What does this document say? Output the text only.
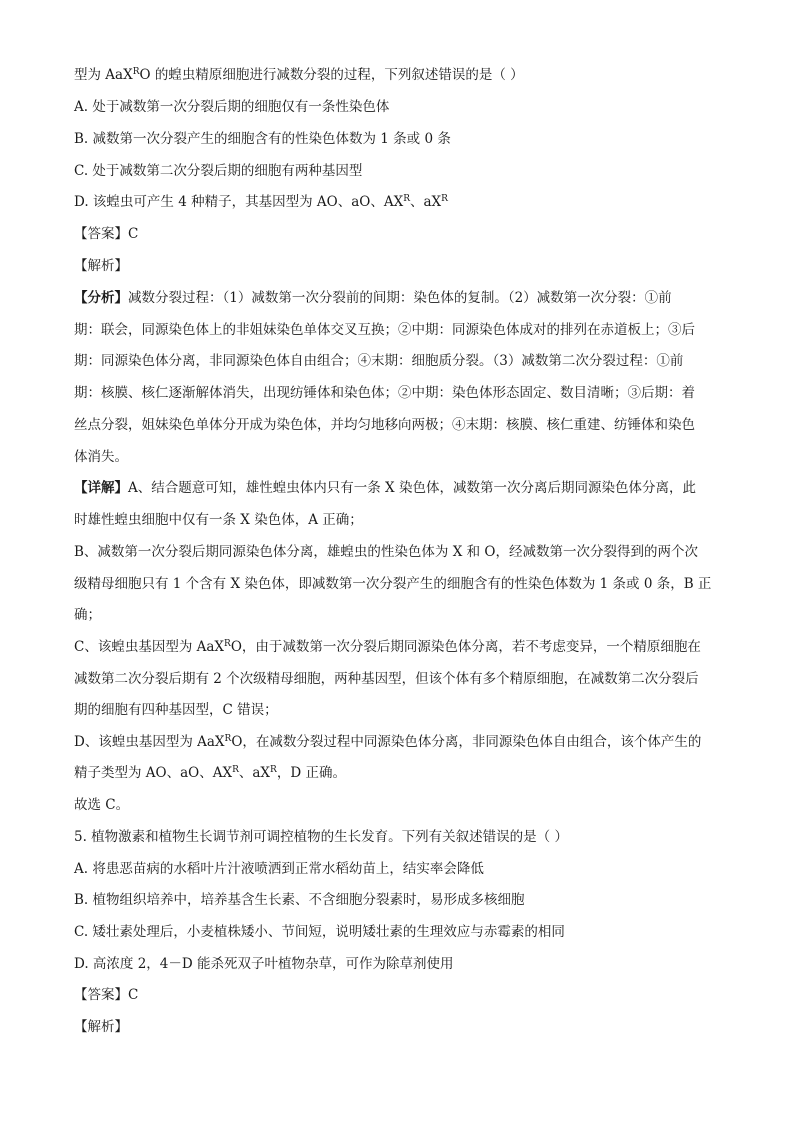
型为 AaX$^R$O 的蝗虫精原细胞进行减数分裂的过程，下列叙述错误的是（ ）
A. 处于减数第一次分裂后期的细胞仅有一条性染色体
B. 减数第一次分裂产生的细胞含有的性染色体数为 1 条或 0 条
C. 处于减数第二次分裂后期的细胞有两种基因型
D. 该蝗虫可产生 4 种精子，其基因型为 AO、aO、$AX^R$、$aX^R$
【答案】C
【解析】
【分析】减数分裂过程：（1）减数第一次分裂前的间期：染色体的复制。（2）减数第一次分裂：①前
期：联会，同源染色体上的非姐妹染色单体交叉互换；②中期：同源染色体成对的排列在赤道板上；③后
期：同源染色体分离，非同源染色体自由组合；④末期：细胞质分裂。（3）减数第二次分裂过程：①前
期：核膜、核仁逐渐解体消失，出现纺锤体和染色体；②中期：染色体形态固定、数目清晰；③后期：着
丝点分裂，姐妹染色单体分开成为染色体，并均匀地移向两极；④末期：核膜、核仁重建、纺锤体和染色
体消失。
【详解】A、结合题意可知，雄性蝗虫体内只有一条 X 染色体，减数第一次分离后期同源染色体分离，此
时雄性蝗虫细胞中仅有一条 X 染色体，A 正确；
B、减数第一次分裂后期同源染色体分离，雄蝗虫的性染色体为 X 和 O，经减数第一次分裂得到的两个次
级精母细胞只有 1 个含有 X 染色体，即减数第一次分裂产生的细胞含有的性染色体数为 1 条或 0 条，B 正
确；
C、该蝗虫基因型为 AaX$^R$O，由于减数第一次分裂后期同源染色体分离，若不考虑变异，一个精原细胞在
减数第二次分裂后期有 2 个次级精母细胞，两种基因型，但该个体有多个精原细胞，在减数第二次分裂后
期的细胞有四种基因型，C 错误；
D、该蝗虫基因型为 AaX$^R$O，在减数分裂过程中同源染色体分离，非同源染色体自由组合，该个体产生的
精子类型为 AO、aO、$AX^R$、$aX^R$，D 正确。
故选 C。
5. 植物激素和植物生长调节剂可调控植物的生长发育。下列有关叙述错误的是（ ）
A. 将患恶苗病的水稻叶片汁液喷洒到正常水稻幼苗上，结实率会降低
B. 植物组织培养中，培养基含生长素、不含细胞分裂素时，易形成多核细胞
C. 矮壮素处理后，小麦植株矮小、节间短，说明矮壮素的生理效应与赤霉素的相同
D. 高浓度 2，4－D 能杀死双子叶植物杂草，可作为除草剂使用
【答案】C
【解析】
